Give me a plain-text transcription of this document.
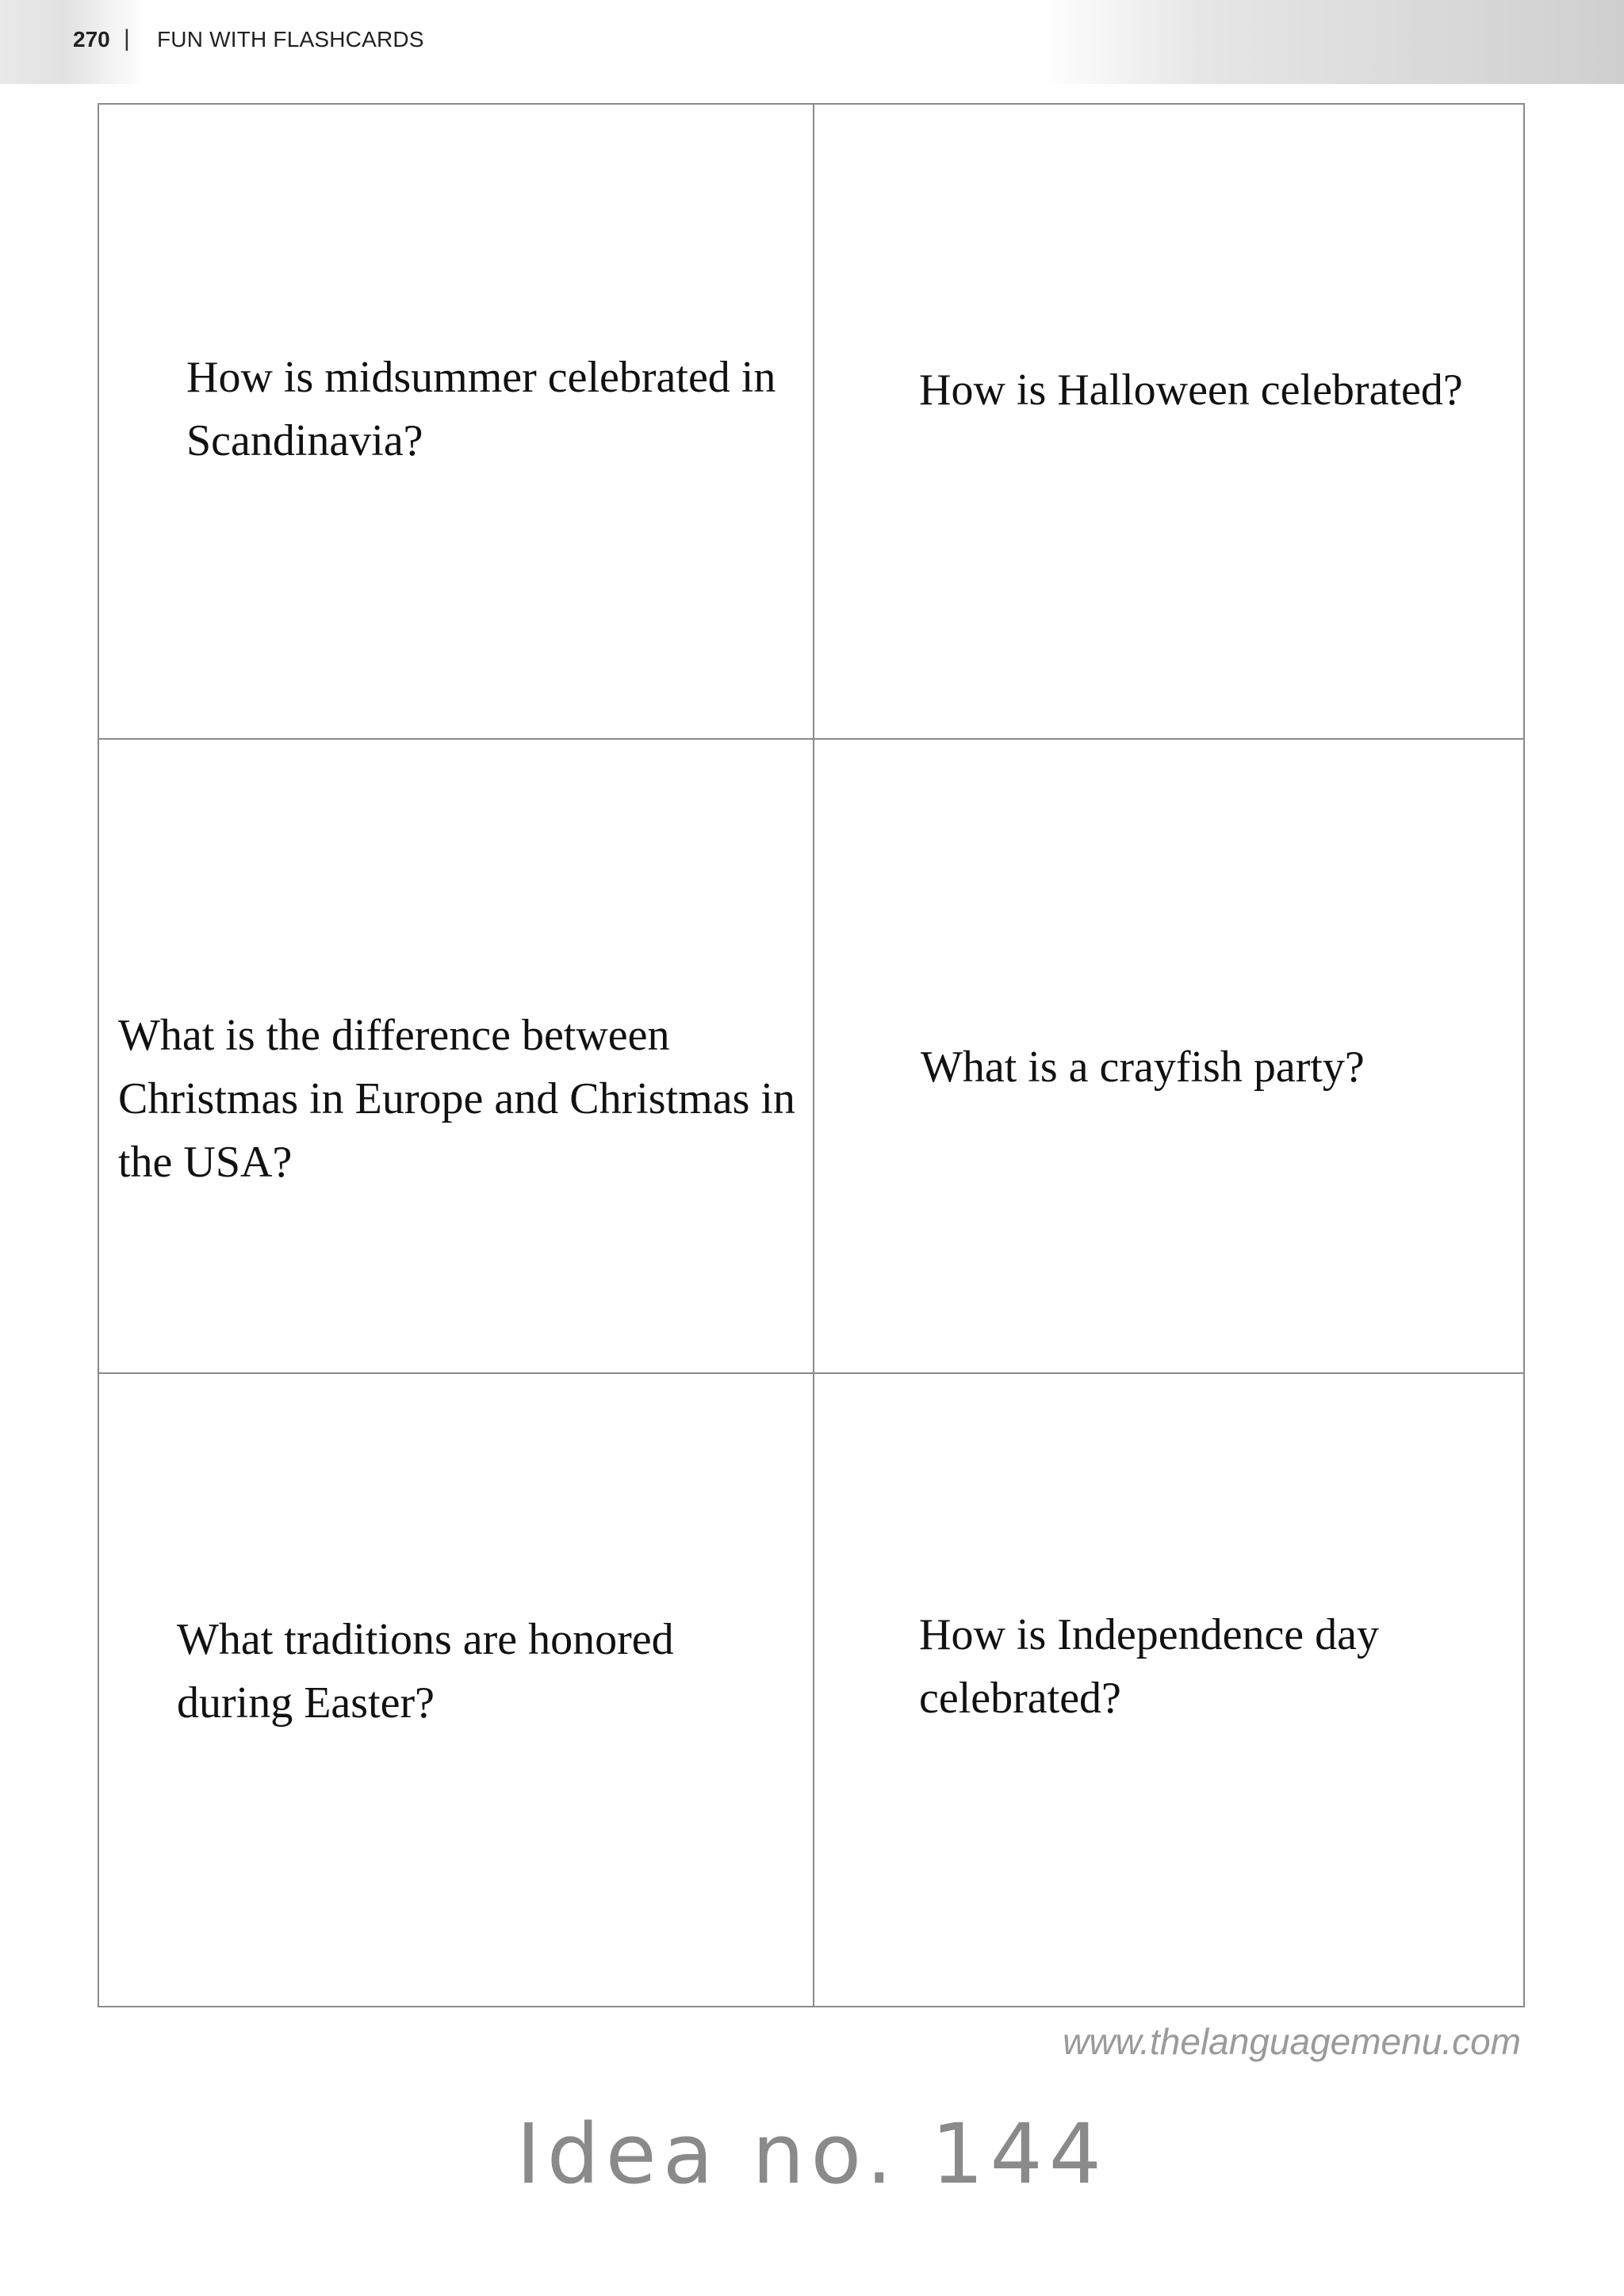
270 | FUN WITH FLASHCARDS

How is midsummer celebrated in Scandinavia?

How is Halloween celebrated?

What is the difference between Christmas in Europe and Christmas in the USA?

What is a crayfish party?

What traditions are honored during Easter?

How is Independence day celebrated?

www.thelanguagemenu.com
Idea no. 144
